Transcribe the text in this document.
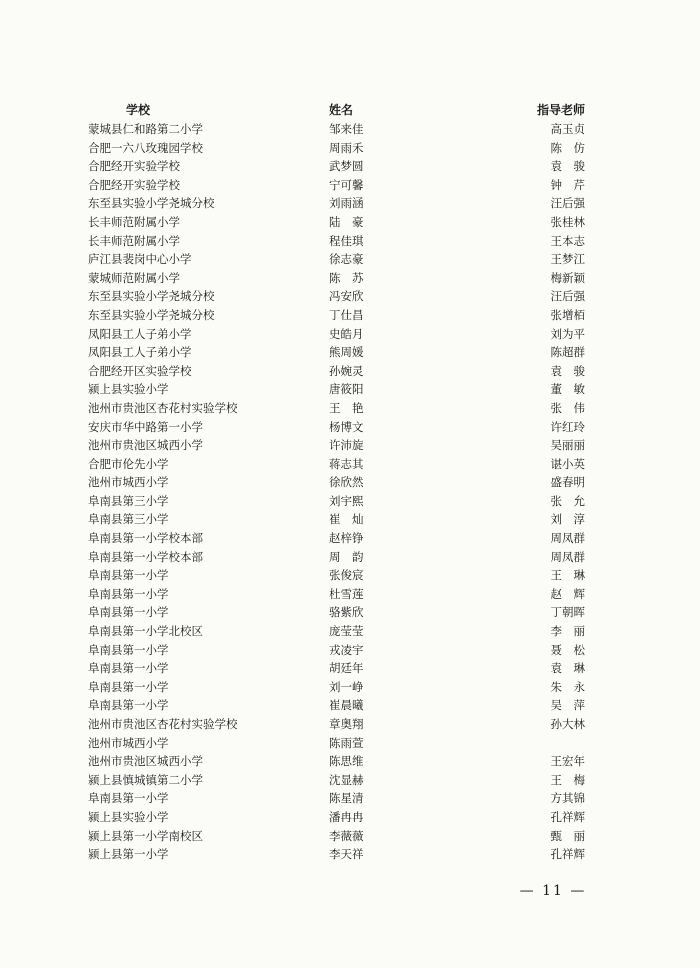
学校	姓名	指导老师
蒙城县仁和路第二小学	邹来佳	高玉贞
合肥一六八玫瑰园学校	周雨禾	陈　仿
合肥经开实验学校	武梦圆	袁　骏
合肥经开实验学校	宁可馨	钟　芹
东至县实验小学尧城分校	刘雨涵	汪后强
长丰师范附属小学	陆　豪	张桂林
长丰师范附属小学	程佳琪	王本志
庐江县裴岗中心小学	徐志豪	王梦江
蒙城师范附属小学	陈　苏	梅新颖
东至县实验小学尧城分校	冯安欣	汪后强
东至县实验小学尧城分校	丁仕昌	张增栢
凤阳县工人子弟小学	史皓月	刘为平
凤阳县工人子弟小学	熊周媛	陈超群
合肥经开区实验学校	孙婉灵	袁　骏
颍上县实验小学	唐筱阳	董　敏
池州市贵池区杏花村实验学校	王　艳	张　伟
安庆市华中路第一小学	杨博文	许红玲
池州市贵池区城西小学	许沛旋	吴丽丽
合肥市伦先小学	蒋志其	谌小英
池州市城西小学	徐欣然	盛春明
阜南县第三小学	刘宇熙	张　允
阜南县第三小学	崔　灿	刘　淳
阜南县第一小学校本部	赵梓铮	周凤群
阜南县第一小学校本部	周　韵	周凤群
阜南县第一小学	张俊宸	王　琳
阜南县第一小学	杜雪莲	赵　辉
阜南县第一小学	骆紫欣	丁朝晖
阜南县第一小学北校区	庞莹莹	李　丽
阜南县第一小学	戎凌宇	聂　松
阜南县第一小学	胡廷年	袁　琳
阜南县第一小学	刘一峥	朱　永
阜南县第一小学	崔晨曦	吴　萍
池州市贵池区杏花村实验学校	章奥翔	孙大林
池州市城西小学	陈雨萱
池州市贵池区城西小学	陈思维	王宏年
颍上县慎城镇第二小学	沈显赫	王　梅
阜南县第一小学	陈星清	方其锦
颍上县实验小学	潘冉冉	孔祥辉
颍上县第一小学南校区	李薇薇	甄　丽
颍上县第一小学	李天祥	孔祥辉
— 11 —
